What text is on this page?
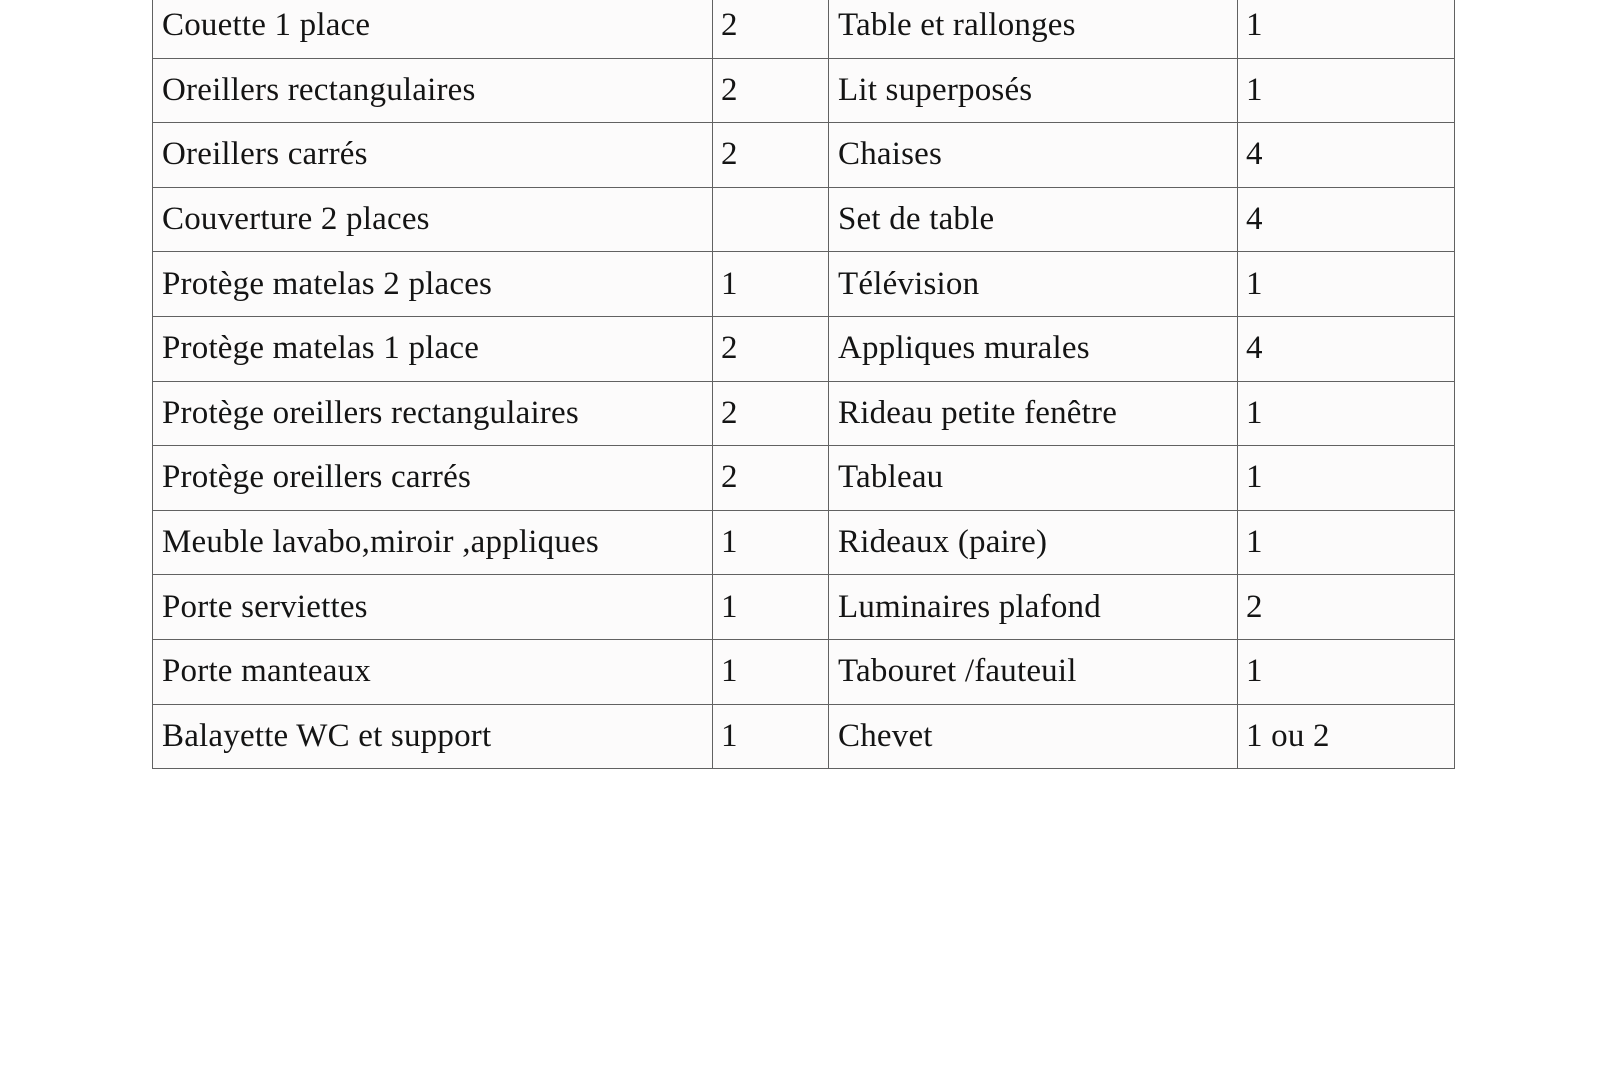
Couette 1 place	2	Table et rallonges	1
Oreillers rectangulaires	2	Lit superposés	1
Oreillers carrés	2	Chaises	4
Couverture 2 places		Set de table	4
Protège matelas 2 places	1	Télévision	1
Protège matelas 1 place	2	Appliques murales	4
Protège oreillers rectangulaires	2	Rideau petite fenêtre	1
Protège oreillers carrés	2	Tableau	1
Meuble lavabo,miroir ,appliques	1	Rideaux (paire)	1
Porte serviettes	1	Luminaires plafond	2
Porte manteaux	1	Tabouret /fauteuil	1
Balayette WC et support	1	Chevet	1 ou 2
